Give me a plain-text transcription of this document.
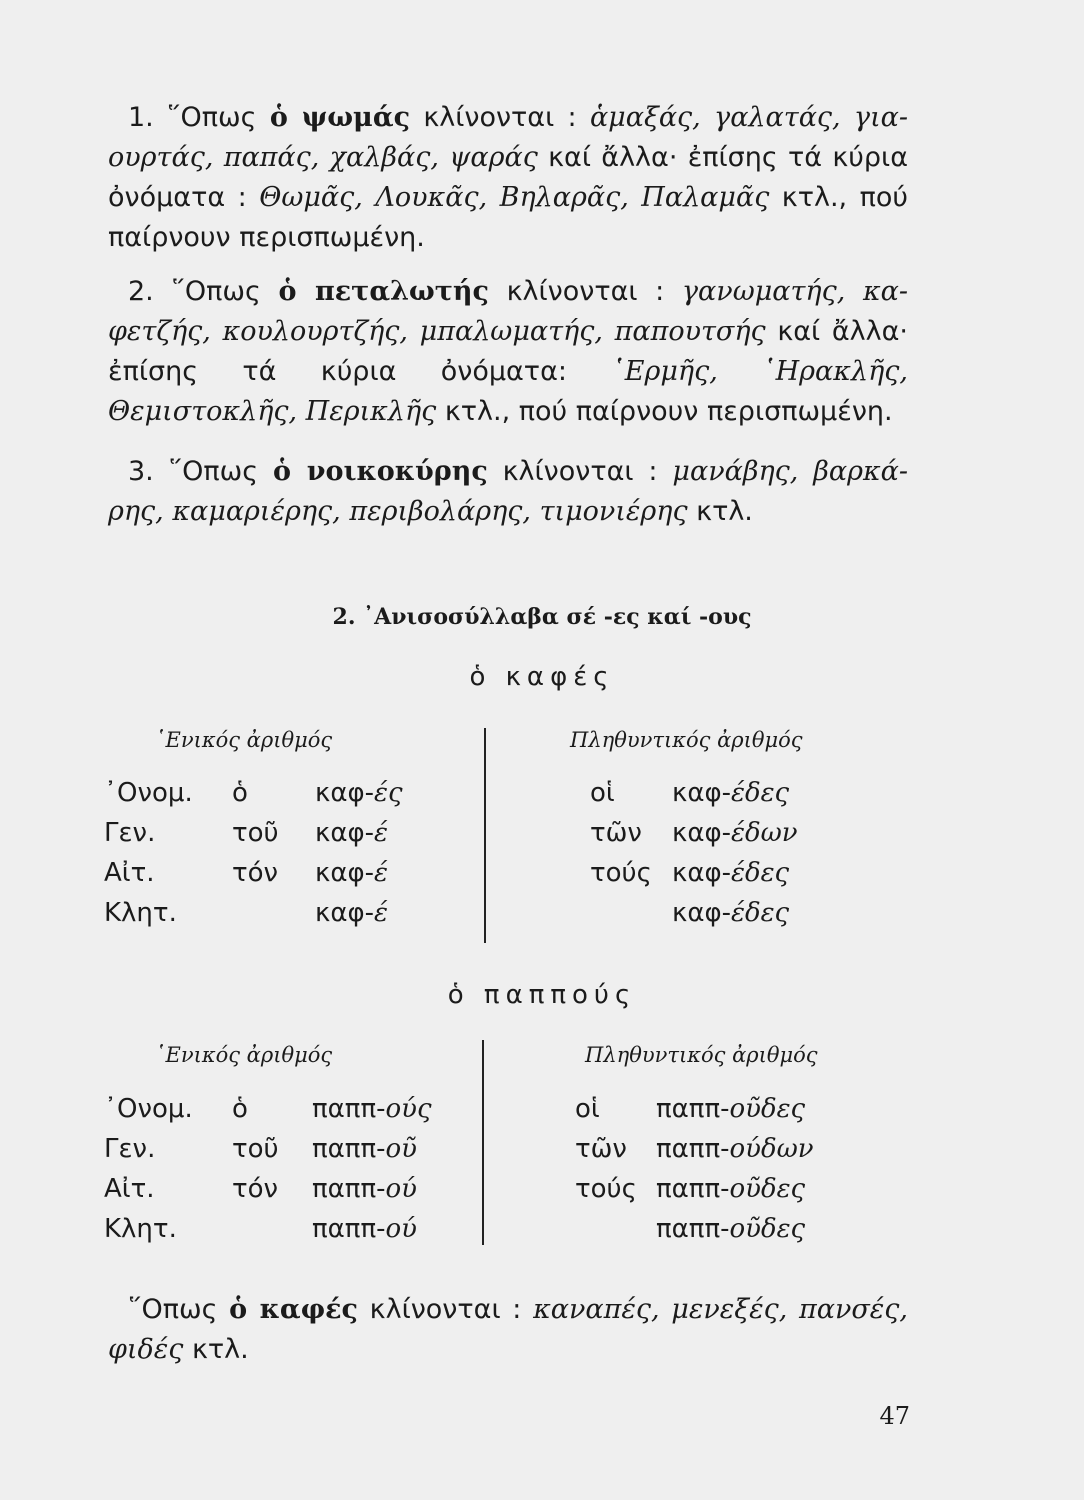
1. ῞Οπως ὁ ψωμάς κλίνονται : ἁμαξάς, γαλατάς, γιαουρτάς, παπάς, χαλβάς, ψαράς καί ἄλλα· ἐπίσης τά κύρια ὀνόματα : Θωμᾶς, Λουκᾶς, Βηλαρᾶς, Παλαμᾶς κτλ., πού παίρνουν περισπωμένη.

2. ῞Οπως ὁ πεταλωτής κλίνονται : γανωματής, καφετζής, κουλουρτζής, μπαλωματής, παπουτσής καί ἄλλα· ἐπίσης τά κύρια ὀνόματα: ῾Ερμῆς, ῾Ηρακλῆς, Θεμιστοκλῆς, Περικλῆς κτλ., πού παίρνουν περισπωμένη.

3. ῞Οπως ὁ νοικοκύρης κλίνονται : μανάβης, βαρκάρης, καμαριέρης, περιβολάρης, τιμονιέρης κτλ.

2. ᾿Ανισοσύλλαβα σέ -ες καί -ους
ὁ καφές
῾Ενικός ἀριθμός	Πληθυντικός ἀριθμός
᾿Ονομ. ὁ	καφ-ές	οἱ καφ-έδες
Γεν.	τοῦ καφ-έ	τῶν καφ-έδων
Αἰτ.	τόν καφ-έ	τούς καφ-έδες
Κλητ.	καφ-έ	καφ-έδες
ὁ παππούς
῾Ενικός ἀριθμός	Πληθυντικός ἀριθμός
᾿Ονομ. ὁ παππ-ούς	οἱ παππ-οῦδες
Γεν.	τοῦ παππ-οῦ	τῶν παππ-ούδων
Αἰτ.	τόν παππ-ού	τούς παππ-οῦδες
Κλητ.	παππ-ού	παππ-οῦδες

῞Οπως ὁ καφές κλίνονται : καναπές, μενεξές, πανσές, φιδές κτλ.

47
